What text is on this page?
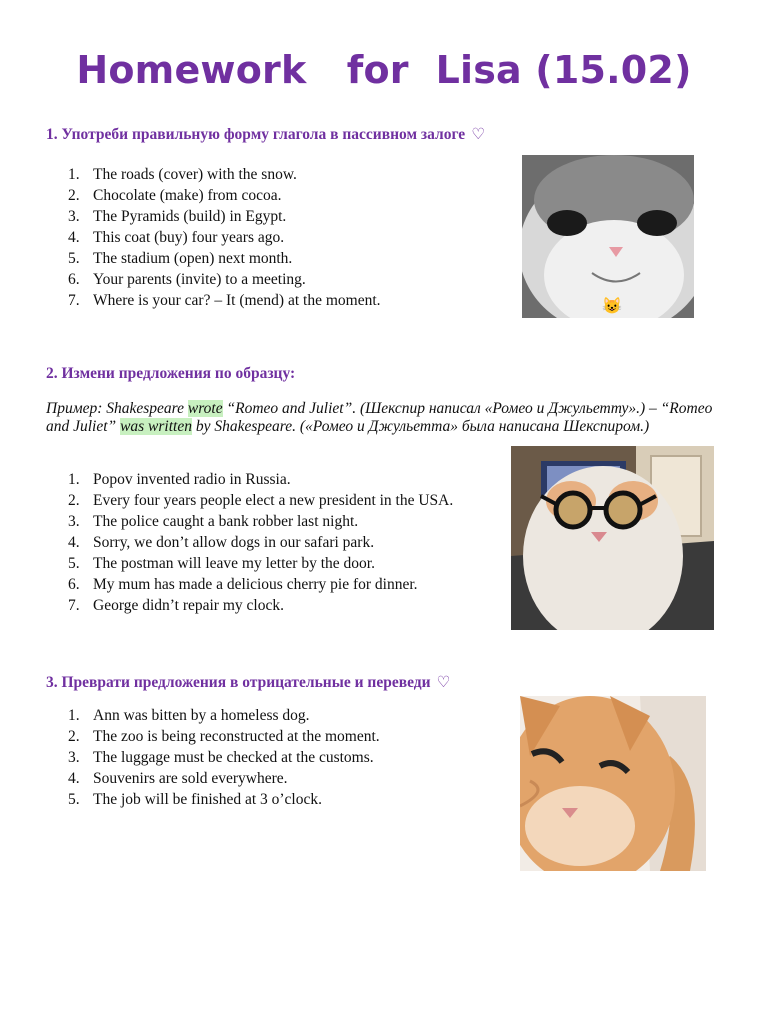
Homework   for  Lisa (15.02)
1. Употреби правильную форму глагола в пассивном залоге ♡
1. The roads (cover) with the snow.
2. Chocolate (make) from cocoa.
3. The Pyramids (build) in Egypt.
4. This coat (buy) four years ago.
5. The stadium (open) next month.
6. Your parents (invite) to a meeting.
7. Where is your car? – It (mend) at the moment.	😺
2. Измени предложения по образцу:
Пример: Shakespeare wrote “Romeo and Juliet”. (Шекспир написал «Ромео и Джульетту».) – “Romeo and Juliet” was written by Shakespeare. («Ромео и Джульетта» была написана Шекспиром.)
1. Popov invented radio in Russia.
2. Every four years people elect a new president in the USA.
3. The police caught a bank robber last night.
4. Sorry, we don’t allow dogs in our safari park.
5. The postman will leave my letter by the door.
6. My mum has made a delicious cherry pie for dinner.
7. George didn’t repair my clock.
3. Преврати предложения в отрицательные и переведи ♡
1. Ann was bitten by a homeless dog.
2. The zoo is being reconstructed at the moment.
3. The luggage must be checked at the customs.
4. Souvenirs are sold everywhere.
5. The job will be finished at 3 o’clock.
